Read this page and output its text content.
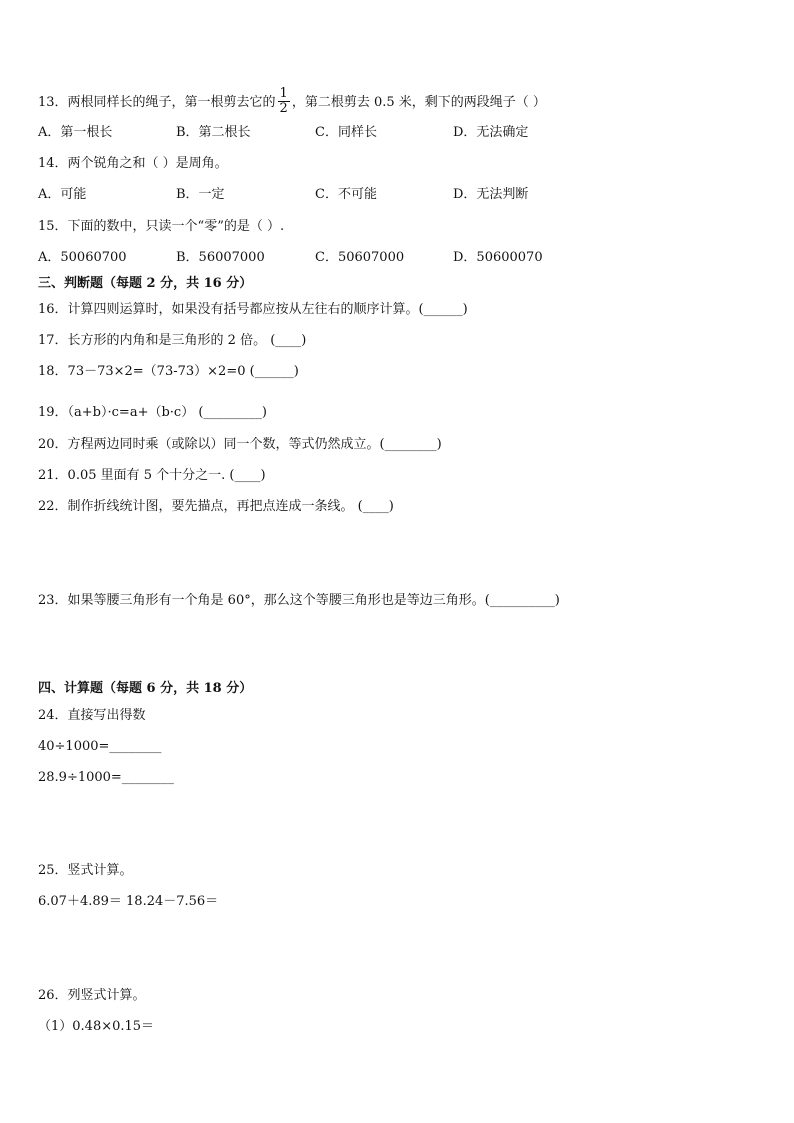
13．两根同样长的绳子，第一根剪去它的 $\frac{1}{2}$ ，第二根剪去 0.5 米，剩下的两段绳子（ ）
A．第一根长	B．第二根长	C．同样长	D．无法确定
14．两个锐角之和（ ）是周角。
A．可能	B．一定	C．不可能	D．无法判断
15．下面的数中，只读一个“零”的是（ ）.
A．50060700	B．56007000	C．50607000	D．50600070
三、判断题（每题 2 分，共 16 分）
16．计算四则运算时，如果没有括号都应按从左往右的顺序计算。(______)
17．长方形的内角和是三角形的 2 倍。 (____)
18．73－73×2=（73-73）×2=0 (______)
19．（a+b）·c=a+（b·c） (_________)
20．方程两边同时乘（或除以）同一个数，等式仍然成立。(________)
21．0.05 里面有 5 个十分之一. (____)
22．制作折线统计图，要先描点，再把点连成一条线。 (____)
23．如果等腰三角形有一个角是 60°，那么这个等腰三角形也是等边三角形。(__________)
四、计算题（每题 6 分，共 18 分）
24．直接写出得数
40÷1000=________
28.9÷1000=________
25．竖式计算。
6.07＋4.89＝ 18.24－7.56＝
26．列竖式计算。
（1）0.48×0.15＝
